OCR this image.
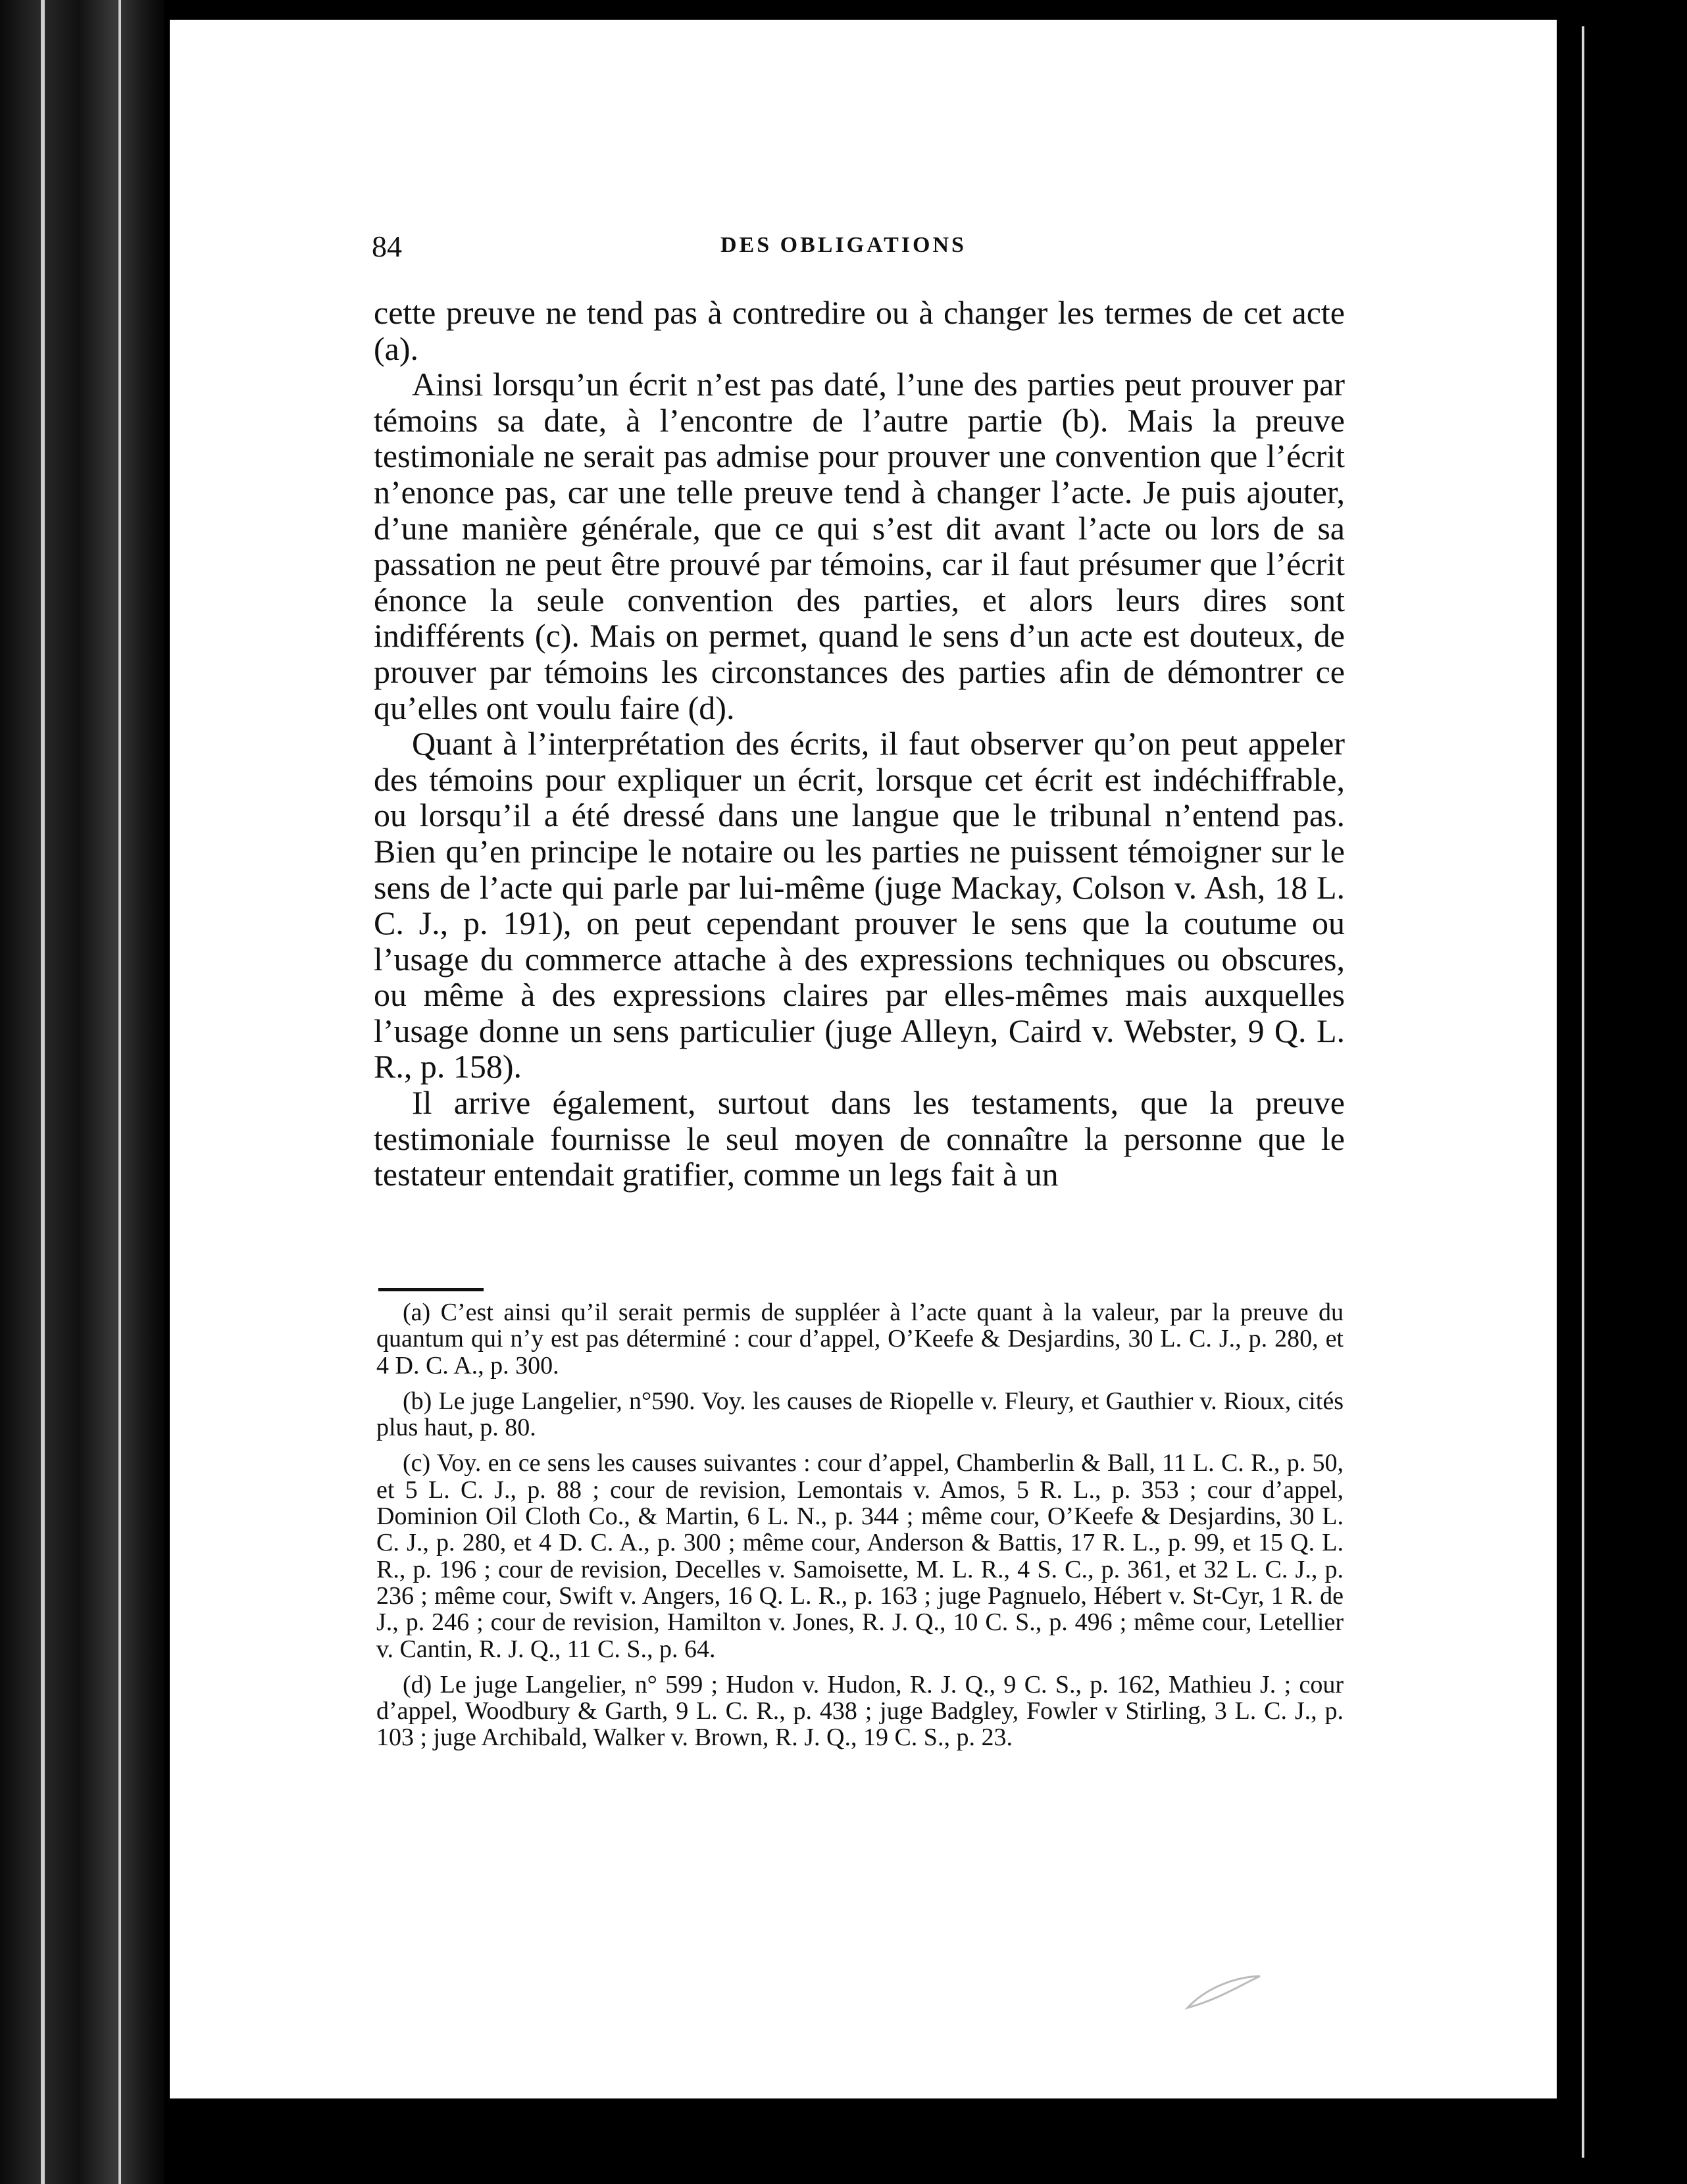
84	DES OBLIGATIONS

cette preuve ne tend pas à contredire ou à changer les termes de cet acte (a).

Ainsi lorsqu’un écrit n’est pas daté, l’une des parties peut prouver par témoins sa date, à l’encontre de l’autre partie (b). Mais la preuve testimoniale ne serait pas admise pour prouver une convention que l’écrit n’enonce pas, car une telle preuve tend à changer l’acte. Je puis ajouter, d’une manière générale, que ce qui s’est dit avant l’acte ou lors de sa passation ne peut être prouvé par témoins, car il faut présumer que l’écrit énonce la seule convention des parties, et alors leurs dires sont indifférents (c). Mais on permet, quand le sens d’un acte est douteux, de prouver par témoins les circonstances des parties afin de démontrer ce qu’elles ont voulu faire (d).

Quant à l’interprétation des écrits, il faut observer qu’on peut appeler des témoins pour expliquer un écrit, lorsque cet écrit est indéchiffrable, ou lorsqu’il a été dressé dans une langue que le tribunal n’entend pas. Bien qu’en principe le notaire ou les parties ne puissent témoigner sur le sens de l’acte qui parle par lui-même (juge Mackay, Colson v. Ash, 18 L. C. J., p. 191), on peut cependant prouver le sens que la coutume ou l’usage du commerce attache à des expressions techniques ou obscures, ou même à des expressions claires par elles-mêmes mais auxquelles l’usage donne un sens particulier (juge Alleyn, Caird v. Webster, 9 Q. L. R., p. 158).

Il arrive également, surtout dans les testaments, que la preuve testimoniale fournisse le seul moyen de connaître la personne que le testateur entendait gratifier, comme un legs fait à un

(a) C’est ainsi qu’il serait permis de suppléer à l’acte quant à la valeur, par la preuve du quantum qui n’y est pas déterminé : cour d’appel, O’Keefe & Desjardins, 30 L. C. J., p. 280, et 4 D. C. A., p. 300.

(b) Le juge Langelier, n°590. Voy. les causes de Riopelle v. Fleury, et Gauthier v. Rioux, cités plus haut, p. 80.

(c) Voy. en ce sens les causes suivantes : cour d’appel, Chamberlin & Ball, 11 L. C. R., p. 50, et 5 L. C. J., p. 88 ; cour de revision, Lemontais v. Amos, 5 R. L., p. 353 ; cour d’appel, Dominion Oil Cloth Co., & Martin, 6 L. N., p. 344 ; même cour, O’Keefe & Desjardins, 30 L. C. J., p. 280, et 4 D. C. A., p. 300 ; même cour, Anderson & Battis, 17 R. L., p. 99, et 15 Q. L. R., p. 196 ; cour de revision, Decelles v. Samoisette, M. L. R., 4 S. C., p. 361, et 32 L. C. J., p. 236 ; même cour, Swift v. Angers, 16 Q. L. R., p. 163 ; juge Pagnuelo, Hébert v. St-Cyr, 1 R. de J., p. 246 ; cour de revision, Hamilton v. Jones, R. J. Q., 10 C. S., p. 496 ; même cour, Letellier v. Cantin, R. J. Q., 11 C. S., p. 64.

(d) Le juge Langelier, n° 599 ; Hudon v. Hudon, R. J. Q., 9 C. S., p. 162, Mathieu J. ; cour d’appel, Woodbury & Garth, 9 L. C. R., p. 438 ; juge Badgley, Fowler v Stirling, 3 L. C. J., p. 103 ; juge Archibald, Walker v. Brown, R. J. Q., 19 C. S., p. 23.
